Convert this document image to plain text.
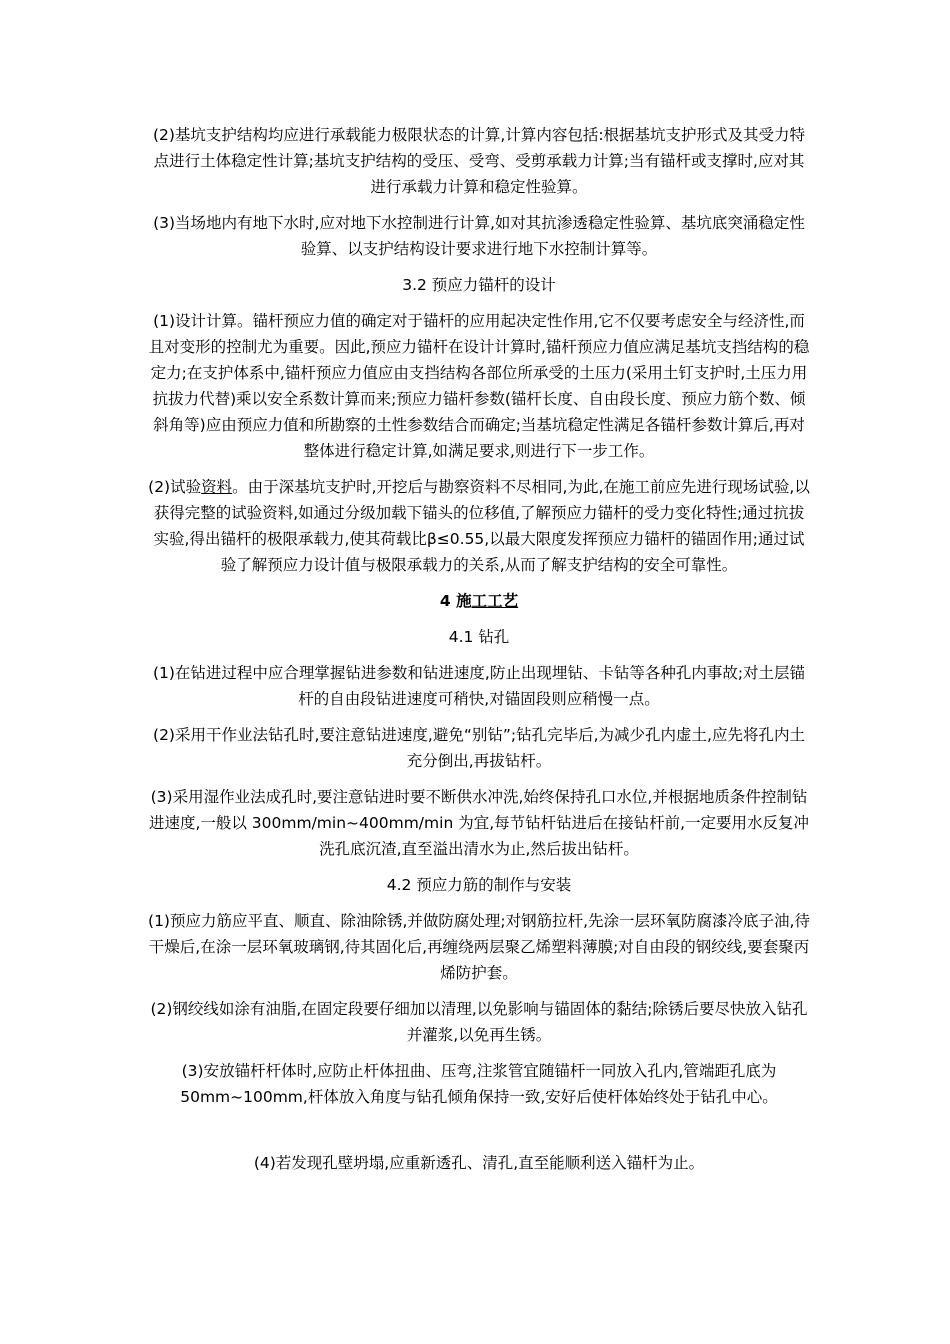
(2)基坑支护结构均应进行承载能力极限状态的计算,计算内容包括:根据基坑支护形式及其受力特点进行土体稳定性计算;基坑支护结构的受压、受弯、受剪承载力计算;当有锚杆或支撑时,应对其进行承载力计算和稳定性验算。

(3)当场地内有地下水时,应对地下水控制进行计算,如对其抗渗透稳定性验算、基坑底突涌稳定性验算、以支护结构设计要求进行地下水控制计算等。

3.2 预应力锚杆的设计

(1)设计计算。锚杆预应力值的确定对于锚杆的应用起决定性作用,它不仅要考虑安全与经济性,而且对变形的控制尤为重要。因此,预应力锚杆在设计计算时,锚杆预应力值应满足基坑支挡结构的稳定力;在支护体系中,锚杆预应力值应由支挡结构各部位所承受的土压力(采用土钉支护时,土压力用抗拔力代替)乘以安全系数计算而来;预应力锚杆参数(锚杆长度、自由段长度、预应力筋个数、倾斜角等)应由预应力值和所勘察的土性参数结合而确定;当基坑稳定性满足各锚杆参数计算后,再对整体进行稳定计算,如满足要求,则进行下一步工作。

(2)试验资料。由于深基坑支护时,开挖后与勘察资料不尽相同,为此,在施工前应先进行现场试验,以获得完整的试验资料,如通过分级加载下锚头的位移值,了解预应力锚杆的受力变化特性;通过抗拔实验,得出锚杆的极限承载力,使其荷载比β≤0.55,以最大限度发挥预应力锚杆的锚固作用;通过试验了解预应力设计值与极限承载力的关系,从而了解支护结构的安全可靠性。

4 施工工艺

4.1 钻孔

(1)在钻进过程中应合理掌握钻进参数和钻进速度,防止出现埋钻、卡钻等各种孔内事故;对土层锚杆的自由段钻进速度可稍快,对锚固段则应稍慢一点。

(2)采用干作业法钻孔时,要注意钻进速度,避免“别钻”;钻孔完毕后,为减少孔内虚土,应先将孔内土充分倒出,再拔钻杆。

(3)采用湿作业法成孔时,要注意钻进时要不断供水冲洗,始终保持孔口水位,并根据地质条件控制钻进速度,一般以 300mm/min~400mm/min 为宜,每节钻杆钻进后在接钻杆前,一定要用水反复冲洗孔底沉渣,直至溢出清水为止,然后拔出钻杆。

4.2 预应力筋的制作与安装

(1)预应力筋应平直、顺直、除油除锈,并做防腐处理;对钢筋拉杆,先涂一层环氧防腐漆冷底子油,待干燥后,在涂一层环氧玻璃钢,待其固化后,再缠绕两层聚乙烯塑料薄膜;对自由段的钢绞线,要套聚丙烯防护套。

(2)钢绞线如涂有油脂,在固定段要仔细加以清理,以免影响与锚固体的黏结;除锈后要尽快放入钻孔并灌浆,以免再生锈。

(3)安放锚杆杆体时,应防止杆体扭曲、压弯,注浆管宜随锚杆一同放入孔内,管端距孔底为 50mm~100mm,杆体放入角度与钻孔倾角保持一致,安好后使杆体始终处于钻孔中心。

(4)若发现孔壁坍塌,应重新透孔、清孔,直至能顺利送入锚杆为止。
